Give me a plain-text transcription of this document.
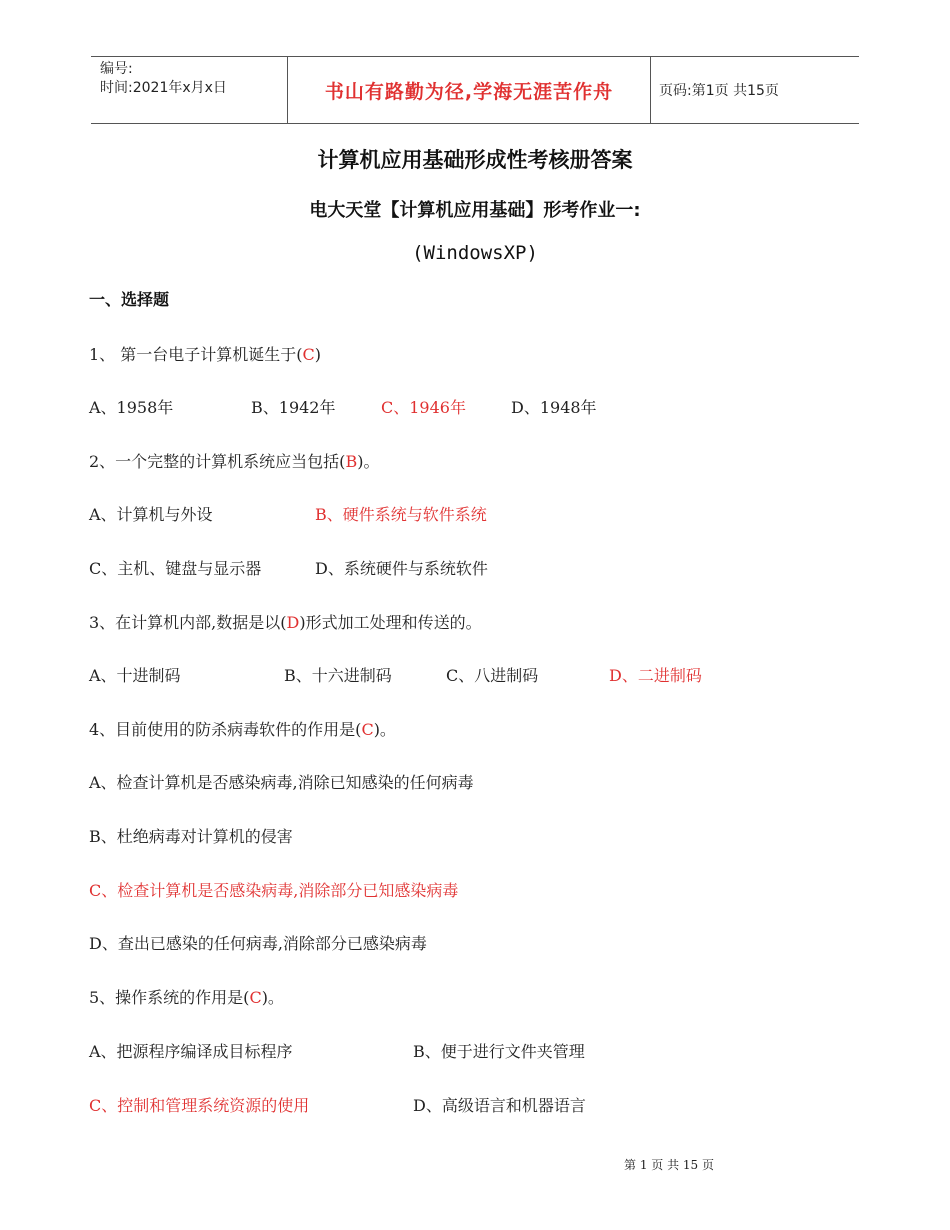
编号:
时间:2021年x月x日	书山有路勤为径,学海无涯苦作舟	页码:第1页 共15页
计算机应用基础形成性考核册答案
电大天堂【计算机应用基础】形考作业一:
(WindowsXP)
一、选择题
1、 第一台电子计算机诞生于(C)
A、1958年	B、1942年	C、1946年	D、1948年
2、一个完整的计算机系统应当包括(B)。
A、计算机与外设	B、硬件系统与软件系统
C、主机、键盘与显示器	D、系统硬件与系统软件
3、在计算机内部,数据是以(D)形式加工处理和传送的。
A、十进制码	B、十六进制码	C、八进制码	D、二进制码
4、目前使用的防杀病毒软件的作用是(C)。
A、检查计算机是否感染病毒,消除已知感染的任何病毒
B、杜绝病毒对计算机的侵害
C、检查计算机是否感染病毒,消除部分已知感染病毒
D、查出已感染的任何病毒,消除部分已感染病毒
5、操作系统的作用是(C)。
A、把源程序编译成目标程序	B、便于进行文件夹管理
C、控制和管理系统资源的使用	D、高级语言和机器语言
第 1 页 共 15 页
